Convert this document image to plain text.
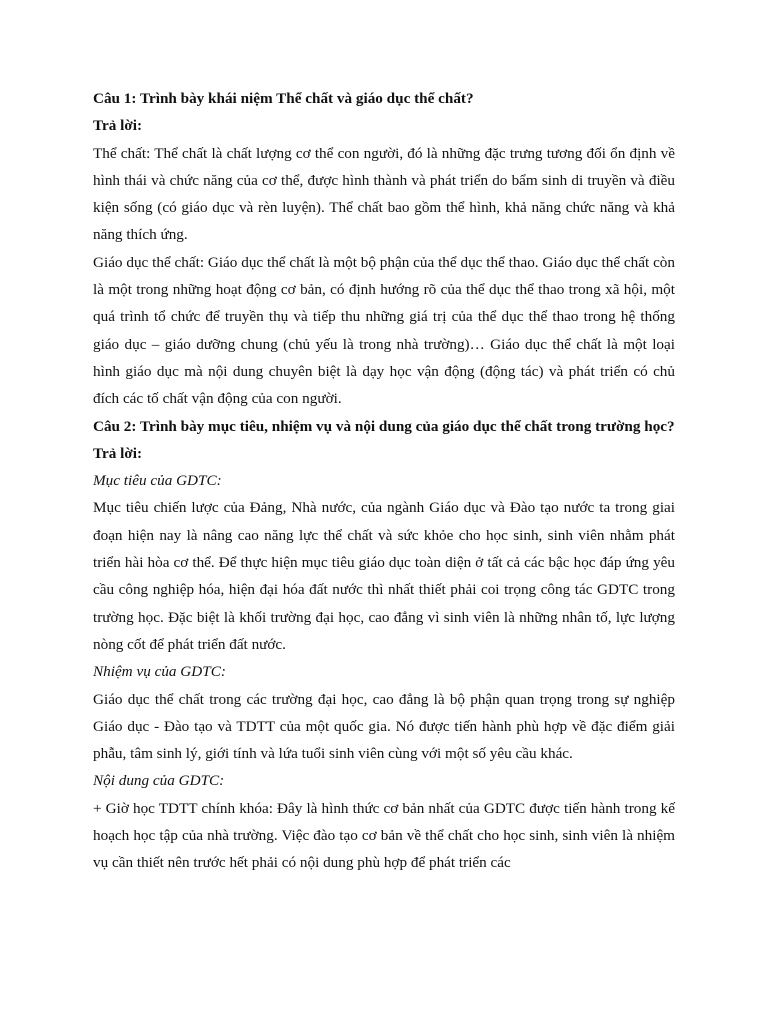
Câu 1: Trình bày khái niệm Thể chất và giáo dục thể chất?

Trả lời:

Thể chất: Thể chất là chất lượng cơ thể con người, đó là những đặc trưng tương đối ổn định về hình thái và chức năng của cơ thể, được hình thành và phát triển do bẩm sinh di truyền và điều kiện sống (có giáo dục và rèn luyện). Thể chất bao gồm thể hình, khả năng chức năng và khả năng thích ứng.

Giáo dục thể chất: Giáo dục thể chất là một bộ phận của thể dục thể thao. Giáo dục thể chất còn là một trong những hoạt động cơ bản, có định hướng rõ của thể dục thể thao trong xã hội, một quá trình tổ chức để truyền thụ và tiếp thu những giá trị của thể dục thể thao trong hệ thống giáo dục – giáo dưỡng chung (chủ yếu là trong nhà trường)… Giáo dục thể chất là một loại hình giáo dục mà nội dung chuyên biệt là dạy học vận động (động tác) và phát triển có chủ đích các tố chất vận động của con người.

Câu 2: Trình bày mục tiêu, nhiệm vụ và nội dung của giáo dục thể chất trong trường học?

Trả lời:

Mục tiêu của GDTC:

Mục tiêu chiến lược của Đảng, Nhà nước, của ngành Giáo dục và Đào tạo nước ta trong giai đoạn hiện nay là nâng cao năng lực thể chất và sức khỏe cho học sinh, sinh viên nhằm phát triển hài hòa cơ thể. Để thực hiện mục tiêu giáo dục toàn diện ở tất cả các bậc học đáp ứng yêu cầu công nghiệp hóa, hiện đại hóa đất nước thì nhất thiết phải coi trọng công tác GDTC trong trường học. Đặc biệt là khối trường đại học, cao đẳng vì sinh viên là những nhân tố, lực lượng nòng cốt để phát triển đất nước.

Nhiệm vụ của GDTC:

Giáo dục thể chất trong các trường đại học, cao đẳng là bộ phận quan trọng trong sự nghiệp Giáo dục - Đào tạo và TDTT của một quốc gia. Nó được tiến hành phù hợp về đặc điểm giải phẫu, tâm sinh lý, giới tính và lứa tuổi sinh viên cùng với một số yêu cầu khác.

Nội dung của GDTC:

+ Giờ học TDTT chính khóa: Đây là hình thức cơ bản nhất của GDTC được tiến hành trong kế hoạch học tập của nhà trường. Việc đào tạo cơ bản về thể chất cho học sinh, sinh viên là nhiệm vụ cần thiết nên trước hết phải có nội dung phù hợp để phát triển các
